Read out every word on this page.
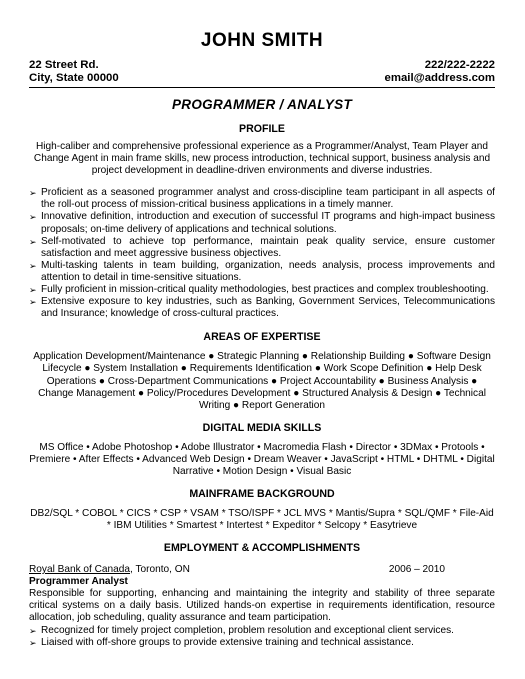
JOHN SMITH
22 Street Rd.
City, State 00000
222/222-2222
email@address.com
PROGRAMMER / ANALYST
PROFILE
High-caliber and comprehensive professional experience as a Programmer/Analyst, Team Player and Change Agent in main frame skills, new process introduction, technical support, business analysis and project development in deadline-driven environments and diverse industries.
➢ Proficient as a seasoned programmer analyst and cross-discipline team participant in all aspects of the roll-out process of mission-critical business applications in a timely manner.
➢ Innovative definition, introduction and execution of successful IT programs and high-impact business proposals; on-time delivery of applications and technical solutions.
➢ Self-motivated to achieve top performance, maintain peak quality service, ensure customer satisfaction and meet aggressive business objectives.
➢ Multi-tasking talents in team building, organization, needs analysis, process improvements and attention to detail in time-sensitive situations.
➢ Fully proficient in mission-critical quality methodologies, best practices and complex troubleshooting.
➢ Extensive exposure to key industries, such as Banking, Government Services, Telecommunications and Insurance; knowledge of cross-cultural practices.
AREAS OF EXPERTISE
Application Development/Maintenance ● Strategic Planning ● Relationship Building ● Software Design Lifecycle ● System Installation ● Requirements Identification ● Work Scope Definition ● Help Desk Operations ● Cross-Department Communications ● Project Accountability ● Business Analysis ● Change Management ● Policy/Procedures Development ● Structured Analysis & Design ● Technical Writing ● Report Generation
DIGITAL MEDIA SKILLS
MS Office • Adobe Photoshop • Adobe Illustrator • Macromedia Flash • Director • 3DMax • Protools • Premiere • After Effects • Advanced Web Design • Dream Weaver • JavaScript • HTML • DHTML • Digital Narrative • Motion Design • Visual Basic
MAINFRAME BACKGROUND
DB2/SQL * COBOL * CICS * CSP * VSAM * TSO/ISPF * JCL MVS * Mantis/Supra * SQL/QMF * File-Aid * IBM Utilities * Smartest * Intertest * Expeditor * Selcopy * Easytrieve
EMPLOYMENT & ACCOMPLISHMENTS
Royal Bank of Canada, Toronto, ON	2006 – 2010
Programmer Analyst
Responsible for supporting, enhancing and maintaining the integrity and stability of three separate critical systems on a daily basis. Utilized hands-on expertise in requirements identification, resource allocation, job scheduling, quality assurance and team participation.
➢ Recognized for timely project completion, problem resolution and exceptional client services.
➢ Liaised with off-shore groups to provide extensive training and technical assistance.
